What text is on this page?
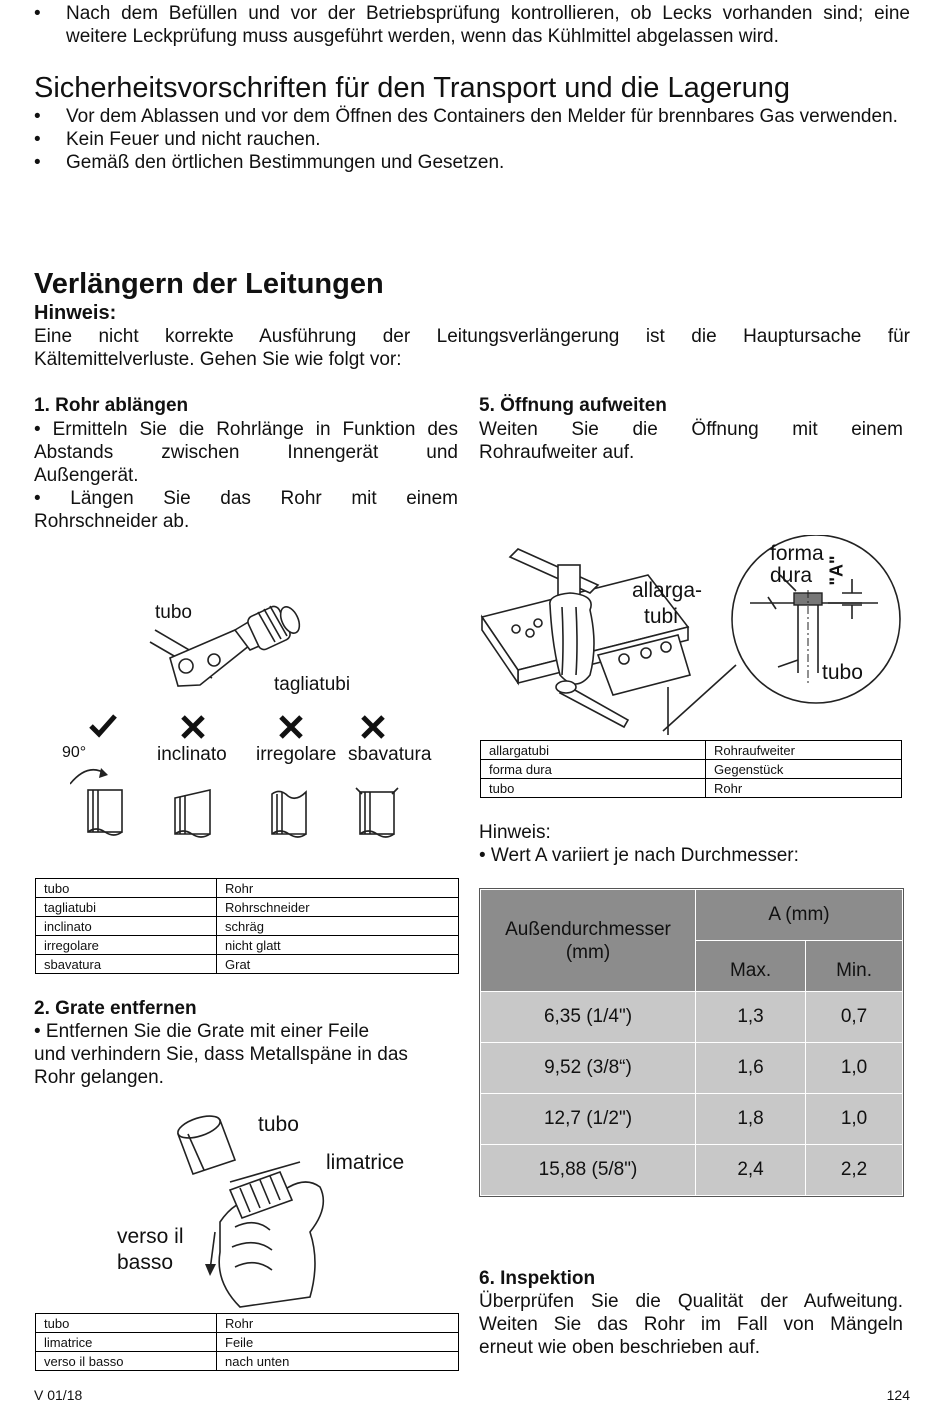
• Nach dem Befüllen und vor der Betriebsprüfung kontrollieren, ob Lecks vorhanden sind; eine weitere Leckprüfung muss ausgeführt werden, wenn das Kühlmittel abgelassen wird.
Sicherheitsvorschriften für den Transport und die Lagerung
• Vor dem Ablassen und vor dem Öffnen des Containers den Melder für brennbares Gas verwenden.
• Kein Feuer und nicht rauchen.
• Gemäß den örtlichen Bestimmungen und Gesetzen.
Verlängern der Leitungen
Hinweis:
Eine nicht korrekte Ausführung der Leitungsverlängerung ist die Hauptursache für
Kältemittelverluste. Gehen Sie wie folgt vor:
1. Rohr ablängen
• Ermitteln Sie die Rohrlänge in Funktion des
Abstands zwischen Innengerät und
Außengerät.
• Längen Sie das Rohr mit einem
Rohrschneider ab.
tubo
tagliatubi
90°	inclinato irregolare sbavatura
tubo	Rohr
tagliatubi	Rohrschneider
inclinato	schräg
irregolare	nicht glatt
sbavatura	Grat
2. Grate entfernen
• Entfernen Sie die Grate mit einer Feile
und verhindern Sie, dass Metallspäne in das
Rohr gelangen.
tubo
limatrice
verso il
basso
tubo	Rohr
limatrice	Feile
verso il basso	nach unten
5. Öffnung aufweiten
Weiten Sie die Öffnung mit einem
Rohraufweiter auf.
allarga-
tubi
forma
dura "A"
tubo
allargatubi	Rohraufweiter
forma dura	Gegenstück
tubo	Rohr
Hinweis:
• Wert A variiert je nach Durchmesser:
Außendurchmesser (mm)	A (mm)	
	Max.	Min.
6,35 (1/4")	1,3	0,7
9,52 (3/8“)	1,6	1,0
12,7 (1/2")	1,8	1,0
15,88 (5/8")	2,4	2,2
6. Inspektion
Überprüfen Sie die Qualität der Aufweitung.
Weiten Sie das Rohr im Fall von Mängeln
erneut wie oben beschrieben auf.
V 01/18	124
